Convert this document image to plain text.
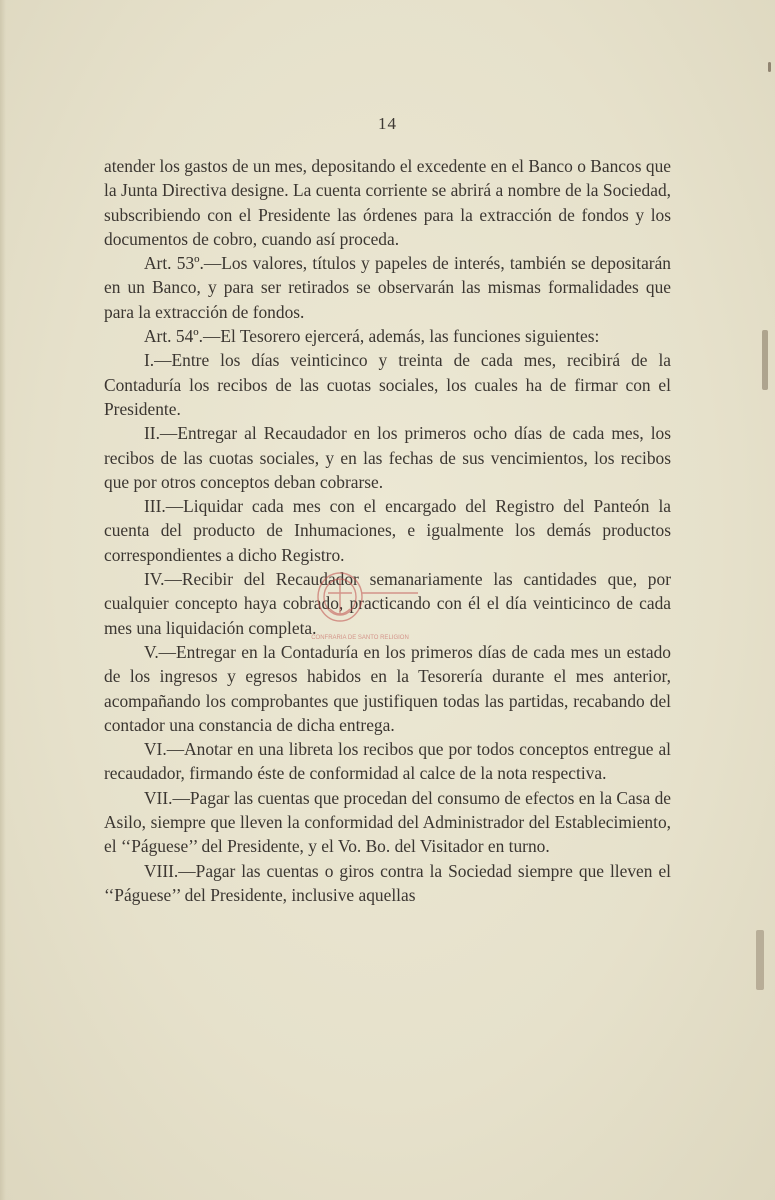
14

atender los gastos de un mes, depositando el excedente en el Banco o Bancos que la Junta Directiva designe. La cuenta corriente se abrirá a nombre de la Sociedad, subscribiendo con el Presidente las órdenes para la extracción de fondos y los documentos de cobro, cuando así proceda.

Art. 53º.—Los valores, títulos y papeles de interés, también se depositarán en un Banco, y para ser retirados se observarán las mismas formalidades que para la extracción de fondos.

Art. 54º.—El Tesorero ejercerá, además, las funciones siguientes:

I.—Entre los días veinticinco y treinta de cada mes, recibirá de la Contaduría los recibos de las cuotas sociales, los cuales ha de firmar con el Presidente.

II.—Entregar al Recaudador en los primeros ocho días de cada mes, los recibos de las cuotas sociales, y en las fechas de sus vencimientos, los recibos que por otros conceptos deban cobrarse.

III.—Liquidar cada mes con el encargado del Registro del Panteón la cuenta del producto de Inhumaciones, e igualmente los demás productos correspondientes a dicho Registro.

IV.—Recibir del Recaudador semanariamente las cantidades que, por cualquier concepto haya cobrado, practicando con él el día veinticinco de cada mes una liquidación completa.

V.—Entregar en la Contaduría en los primeros días de cada mes un estado de los ingresos y egresos habidos en la Tesorería durante el mes anterior, acompañando los comprobantes que justifiquen todas las partidas, recabando del contador una constancia de dicha entrega.

VI.—Anotar en una libreta los recibos que por todos conceptos entregue al recaudador, firmando éste de conformidad al calce de la nota respectiva.

VII.—Pagar las cuentas que procedan del consumo de efectos en la Casa de Asilo, siempre que lleven la conformidad del Administrador del Establecimiento, el ‘‘Páguese’’ del Presidente, y el Vo. Bo. del Visitador en turno.

VIII.—Pagar las cuentas o giros contra la Sociedad siempre que lleven el ‘‘Páguese’’ del Presidente, inclusive aquellas

CONFRARIA DE SANTO RELIGION
